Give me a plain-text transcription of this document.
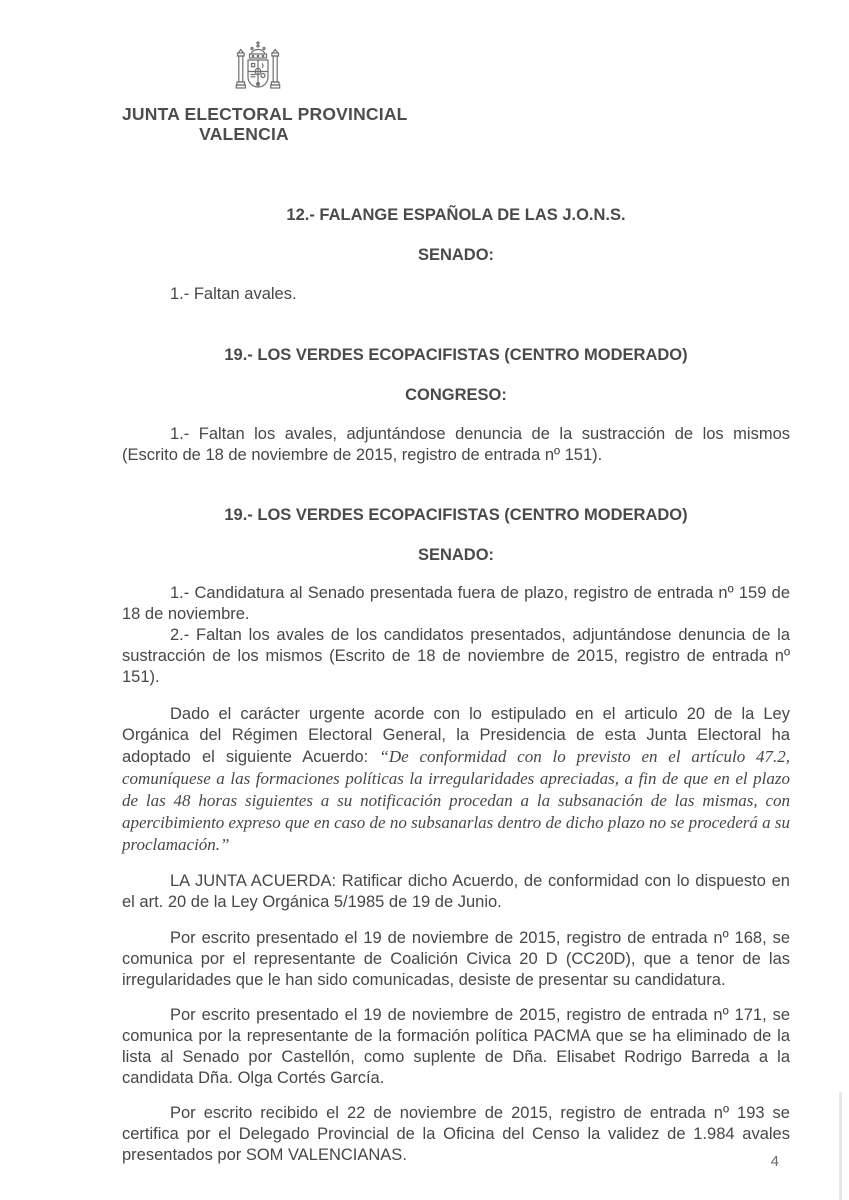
JUNTA ELECTORAL PROVINCIAL
VALENCIA
12.- FALANGE ESPAÑOLA DE LAS J.O.N.S.
SENADO:

1.- Faltan avales.

19.- LOS VERDES ECOPACIFISTAS (CENTRO MODERADO)
CONGRESO:

1.- Faltan los avales, adjuntándose denuncia de la sustracción de los mismos (Escrito de 18 de noviembre de 2015, registro de entrada nº 151).

19.- LOS VERDES ECOPACIFISTAS (CENTRO MODERADO)
SENADO:

1.- Candidatura al Senado presentada fuera de plazo, registro de entrada nº 159 de 18 de noviembre.

2.- Faltan los avales de los candidatos presentados, adjuntándose denuncia de la sustracción de los mismos (Escrito de 18 de noviembre de 2015, registro de entrada nº 151).

Dado el carácter urgente acorde con lo estipulado en el articulo 20 de la Ley Orgánica del Régimen Electoral General, la Presidencia de esta Junta Electoral ha adoptado el siguiente Acuerdo: “De conformidad con lo previsto en el artículo 47.2, comuníquese a las formaciones políticas la irregularidades apreciadas, a fin de que en el plazo de las 48 horas siguientes a su notificación procedan a la subsanación de las mismas, con apercibimiento expreso que en caso de no subsanarlas dentro de dicho plazo no se procederá a su proclamación.”

LA JUNTA ACUERDA: Ratificar dicho Acuerdo, de conformidad con lo dispuesto en el art. 20 de la Ley Orgánica 5/1985 de 19 de Junio.

Por escrito presentado el 19 de noviembre de 2015, registro de entrada nº 168, se comunica por el representante de Coalición Civica 20 D (CC20D), que a tenor de las irregularidades que le han sido comunicadas, desiste de presentar su candidatura.

Por escrito presentado el 19 de noviembre de 2015, registro de entrada nº 171, se comunica por la representante de la formación política PACMA que se ha eliminado de la lista al Senado por Castellón, como suplente de Dña. Elisabet Rodrigo Barreda a la candidata Dña. Olga Cortés García.

Por escrito recibido el 22 de noviembre de 2015, registro de entrada nº 193 se certifica por el Delegado Provincial de la Oficina del Censo la validez de 1.984 avales presentados por SOM VALENCIANAS.	4
